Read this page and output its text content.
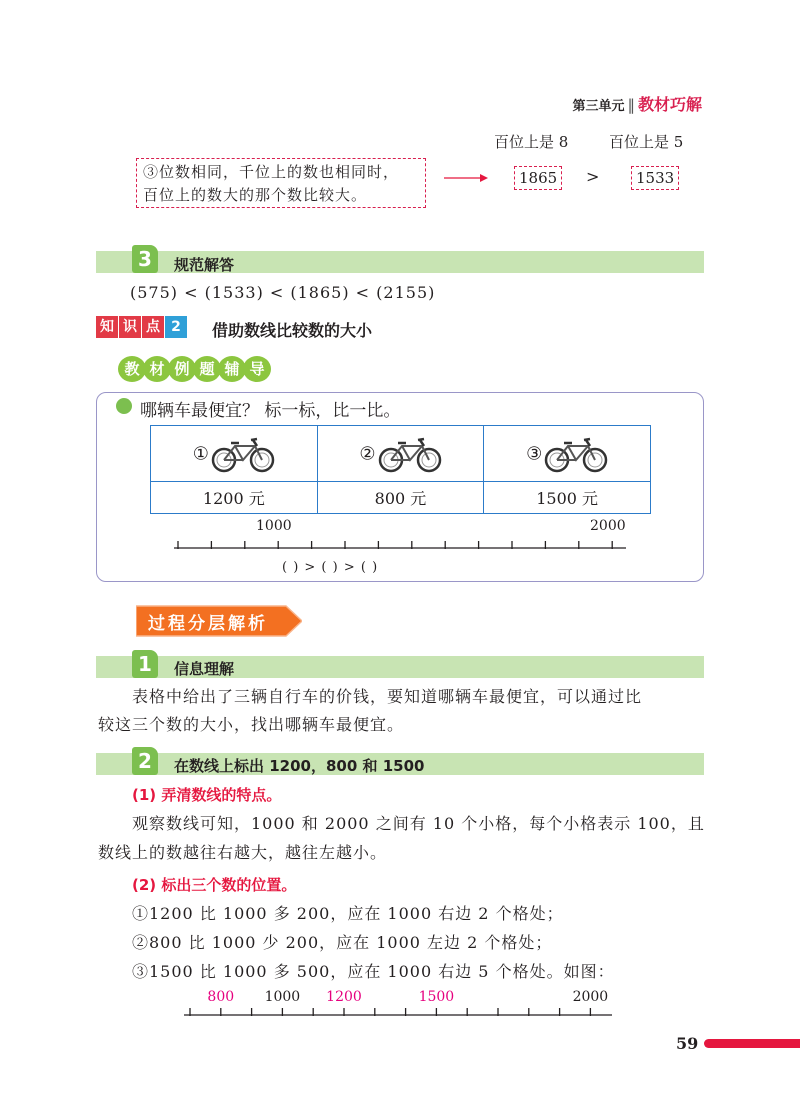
第三单元 ‖ 教材巧解
百位上是 8	百位上是 5
③位数相同，千位上的数也相同时，
百位上的数大的那个数比较大。
1865	>	1533
3	规范解答
(575) < (1533) < (1865) < (2155)
知 识 点 2	借助数线比较数的大小
教 材 例 题 辅 导
哪辆车最便宜？ 标一标，比一比。
①	②	③
1200 元	800 元	1500 元
1000	2000
( ) > ( ) > ( )
过程分层解析
1	信息理解
表格中给出了三辆自行车的价钱，要知道哪辆车最便宜，可以通过比
较这三个数的大小，找出哪辆车最便宜。
2	在数线上标出 1200，800 和 1500
(1) 弄清数线的特点。
观察数线可知，1000 和 2000 之间有 10 个小格，每个小格表示 100，且
数线上的数越往右越大，越往左越小。
(2) 标出三个数的位置。
①1200 比 1000 多 200，应在 1000 右边 2 个格处；
②800 比 1000 少 200，应在 1000 左边 2 个格处；
③1500 比 1000 多 500，应在 1000 右边 5 个格处。如图：
800 1000 1200	1500	2000
59
